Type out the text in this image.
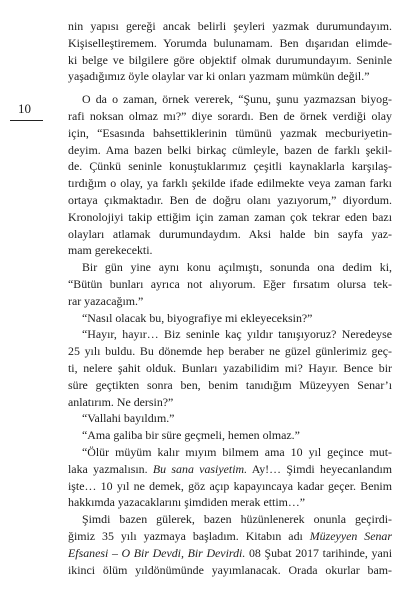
10
nin yapısı gereği ancak belirli şeyleri yazmak durumundayım.
Kişiselleştiremem. Yorumda bulunamam. Ben dışarıdan elimde-
ki belge ve bilgilere göre objektif olmak durumundayım. Seninle
yaşadığımız öyle olaylar var ki onları yazmam mümkün değil.”
O da o zaman, örnek vererek, “Şunu, şunu yazmazsan biyog-
rafi noksan olmaz mı?” diye sorardı. Ben de örnek verdiği olay
için, “Esasında bahsettiklerinin tümünü yazmak mecburiyetin-
deyim. Ama bazen belki birkaç cümleyle, bazen de farklı şekil-
de. Çünkü seninle konuştuklarımız çeşitli kaynaklarla karşılaş-
tırdığım o olay, ya farklı şekilde ifade edilmekte veya zaman farkı
ortaya çıkmaktadır. Ben de doğru olanı yazıyorum,” diyordum.
Kronolojiyi takip ettiğim için zaman zaman çok tekrar eden bazı
olayları atlamak durumundaydım. Aksi halde bin sayfa yaz-
mam gerekecekti.
Bir gün yine aynı konu açılmıştı, sonunda ona dedim ki,
“Bütün bunları ayrıca not alıyorum. Eğer fırsatım olursa tek-
rar yazacağım.”
“Nasıl olacak bu, biyografiye mi ekleyeceksin?”
“Hayır, hayır… Biz seninle kaç yıldır tanışıyoruz? Neredeyse
25 yılı buldu. Bu dönemde hep beraber ne güzel günlerimiz geç-
ti, nelere şahit olduk. Bunları yazabilidim mi? Hayır. Bence bir
süre geçtikten sonra ben, benim tanıdığım Müzeyyen Senar’ı
anlatırım. Ne dersin?”
“Vallahi bayıldım.”
“Ama galiba bir süre geçmeli, hemen olmaz.”
“Ölür müyüm kalır mıyım bilmem ama 10 yıl geçince mut-
laka yazmalısın. Bu sana vasiyetim. Ay!… Şimdi heyecanlandım
işte… 10 yıl ne demek, göz açıp kapayıncaya kadar geçer. Benim
hakkımda yazacaklarını şimdiden merak ettim…”
Şimdi bazen gülerek, bazen hüzünlenerek onunla geçirdi-
ğimiz 35 yılı yazmaya başladım. Kitabın adı Müzeyyen Senar
Efsanesi – O Bir Devdi, Bir Devirdi. 08 Şubat 2017 tarihinde, yani
ikinci ölüm yıldönümünde yayımlanacak. Orada okurlar bam-
